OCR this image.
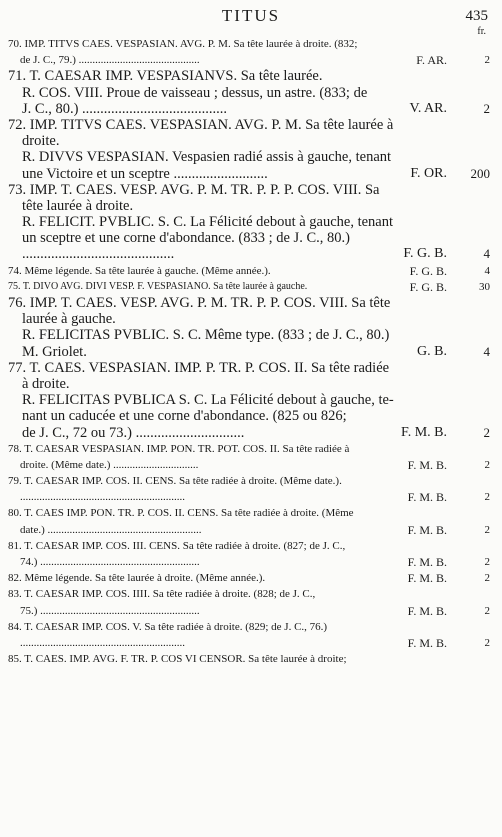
TITUS	435
fr.
70. IMP. TITVS CAES. VESPASIAN. AVG. P. M. Sa tête laurée à droite. (832;
de J. C., 79.) ............................................	F. AR.	2
71. T. CAESAR IMP. VESPASIANVS. Sa tête laurée.
R. COS. VIII. Proue de vaisseau ; dessus, un astre. (833; de
J. C., 80.) ........................................	V. AR.	2
72. IMP. TITVS CAES. VESPASIAN. AVG. P. M. Sa tête laurée à
droite.
R. DIVVS VESPASIAN. Vespasien radié assis à gauche, tenant
une Victoire et un sceptre ..........................	F. OR. 200
73. IMP. T. CAES. VESP. AVG. P. M. TR. P. P. P. COS. VIII. Sa
tête laurée à droite.
R. FELICIT. PVBLIC. S. C. La Félicité debout à gauche, tenant
un sceptre et une corne d'abondance. (833 ; de J. C., 80.)
..........................................	F. G. B.	4
74. Même légende. Sa tête laurée à gauche. (Même année.).	F. G. B.	4
75. T. DIVO AVG. DIVI VESP. F. VESPASIANO. Sa tête laurée à gauche.	F. G. B.	30
76. IMP. T. CAES. VESP. AVG. P. M. TR. P. P. COS. VIII. Sa tête
laurée à gauche.
R. FELICITAS PVBLIC. S. C. Même type. (833 ; de J. C., 80.)
M. Griolet.	G. B.	4
77. T. CAES. VESPASIAN. IMP. P. TR. P. COS. II. Sa tête radiée
à droite.
R. FELICITAS PVBLICA S. C. La Félicité debout à gauche, te-
nant un caducée et une corne d'abondance. (825 ou 826;
de J. C., 72 ou 73.) ..............................	F. M. B.	2
78. T. CAESAR VESPASIAN. IMP. PON. TR. POT. COS. II. Sa tête radiée à
droite. (Même date.) ...............................	F. M. B.	2
79. T. CAESAR IMP. COS. II. CENS. Sa tête radiée à droite. (Même date.).
............................................................	F. M. B.	2
80. T. CAES IMP. PON. TR. P. COS. II. CENS. Sa tête radiée à droite. (Même
date.) ........................................................	F. M. B.	2
81. T. CAESAR IMP. COS. III. CENS. Sa tête radiée à droite. (827; de J. C.,
74.) ..........................................................	F. M. B.	2
82. Même légende. Sa tête laurée à droite. (Même année.).	F. M. B.	2
83. T. CAESAR IMP. COS. IIII. Sa tête radiée à droite. (828; de J. C.,
75.) ..........................................................	F. M. B.	2
84. T. CAESAR IMP. COS. V. Sa tête radiée à droite. (829; de J. C., 76.)
............................................................	F. M. B.	2
85. T. CAES. IMP. AVG. F. TR. P. COS VI CENSOR. Sa tête laurée à droite;
